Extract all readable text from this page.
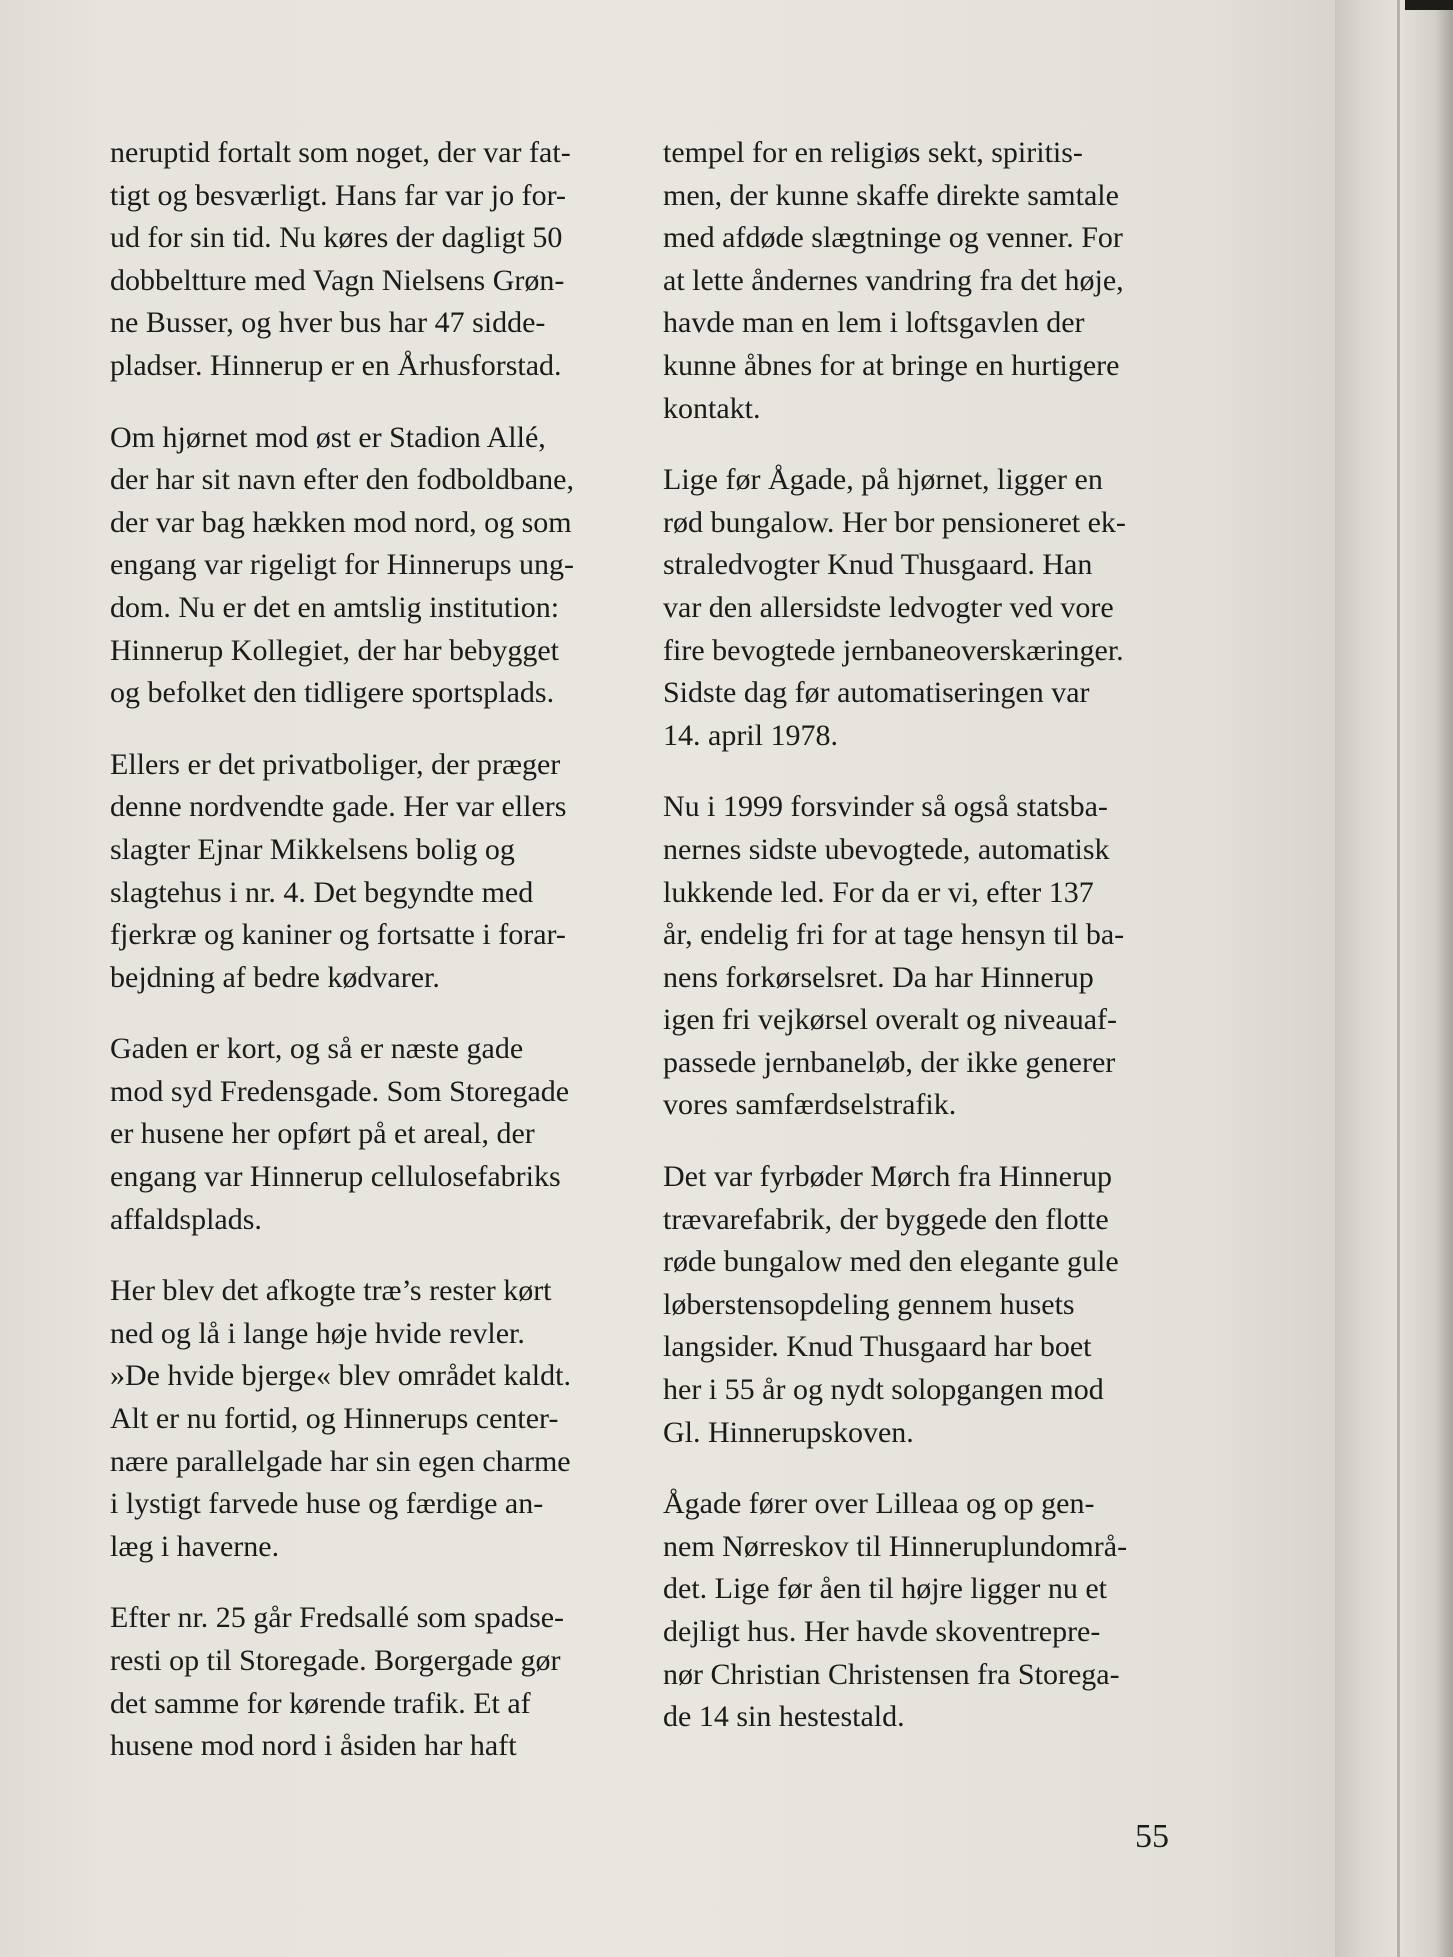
neruptid fortalt som noget, der var fat-
tigt og besværligt. Hans far var jo for-
ud for sin tid. Nu køres der dagligt 50
dobbeltture med Vagn Nielsens Grøn-
ne Busser, og hver bus har 47 sidde-
pladser. Hinnerup er en Århusforstad.
Om hjørnet mod øst er Stadion Allé,
der har sit navn efter den fodboldbane,
der var bag hækken mod nord, og som
engang var rigeligt for Hinnerups ung-
dom. Nu er det en amtslig institution:
Hinnerup Kollegiet, der har bebygget
og befolket den tidligere sportsplads.
Ellers er det privatboliger, der præger
denne nordvendte gade. Her var ellers
slagter Ejnar Mikkelsens bolig og
slagtehus i nr. 4. Det begyndte med
fjerkræ og kaniner og fortsatte i forar-
bejdning af bedre kødvarer.
Gaden er kort, og så er næste gade
mod syd Fredensgade. Som Storegade
er husene her opført på et areal, der
engang var Hinnerup cellulosefabriks
affaldsplads.
Her blev det afkogte træ’s rester kørt
ned og lå i lange høje hvide revler.
»De hvide bjerge« blev området kaldt.
Alt er nu fortid, og Hinnerups center-
nære parallelgade har sin egen charme
i lystigt farvede huse og færdige an-
læg i haverne.
Efter nr. 25 går Fredsallé som spadse-
resti op til Storegade. Borgergade gør
det samme for kørende trafik. Et af
husene mod nord i åsiden har haft
tempel for en religiøs sekt, spiritis-
men, der kunne skaffe direkte samtale
med afdøde slægtninge og venner. For
at lette åndernes vandring fra det høje,
havde man en lem i loftsgavlen der
kunne åbnes for at bringe en hurtigere
kontakt.
Lige før Ågade, på hjørnet, ligger en
rød bungalow. Her bor pensioneret ek-
straledvogter Knud Thusgaard. Han
var den allersidste ledvogter ved vore
fire bevogtede jernbaneoverskæringer.
Sidste dag før automatiseringen var
14. april 1978.
Nu i 1999 forsvinder så også statsba-
nernes sidste ubevogtede, automatisk
lukkende led. For da er vi, efter 137
år, endelig fri for at tage hensyn til ba-
nens forkørselsret. Da har Hinnerup
igen fri vejkørsel overalt og niveauaf-
passede jernbaneløb, der ikke generer
vores samfærdselstrafik.
Det var fyrbøder Mørch fra Hinnerup
trævarefabrik, der byggede den flotte
røde bungalow med den elegante gule
løberstensopdeling gennem husets
langsider. Knud Thusgaard har boet
her i 55 år og nydt solopgangen mod
Gl. Hinnerupskoven.
Ågade fører over Lilleaa og op gen-
nem Nørreskov til Hinneruplundområ-
det. Lige før åen til højre ligger nu et
dejligt hus. Her havde skoventrepre-
nør Christian Christensen fra Storega-
de 14 sin hestestald.
55
